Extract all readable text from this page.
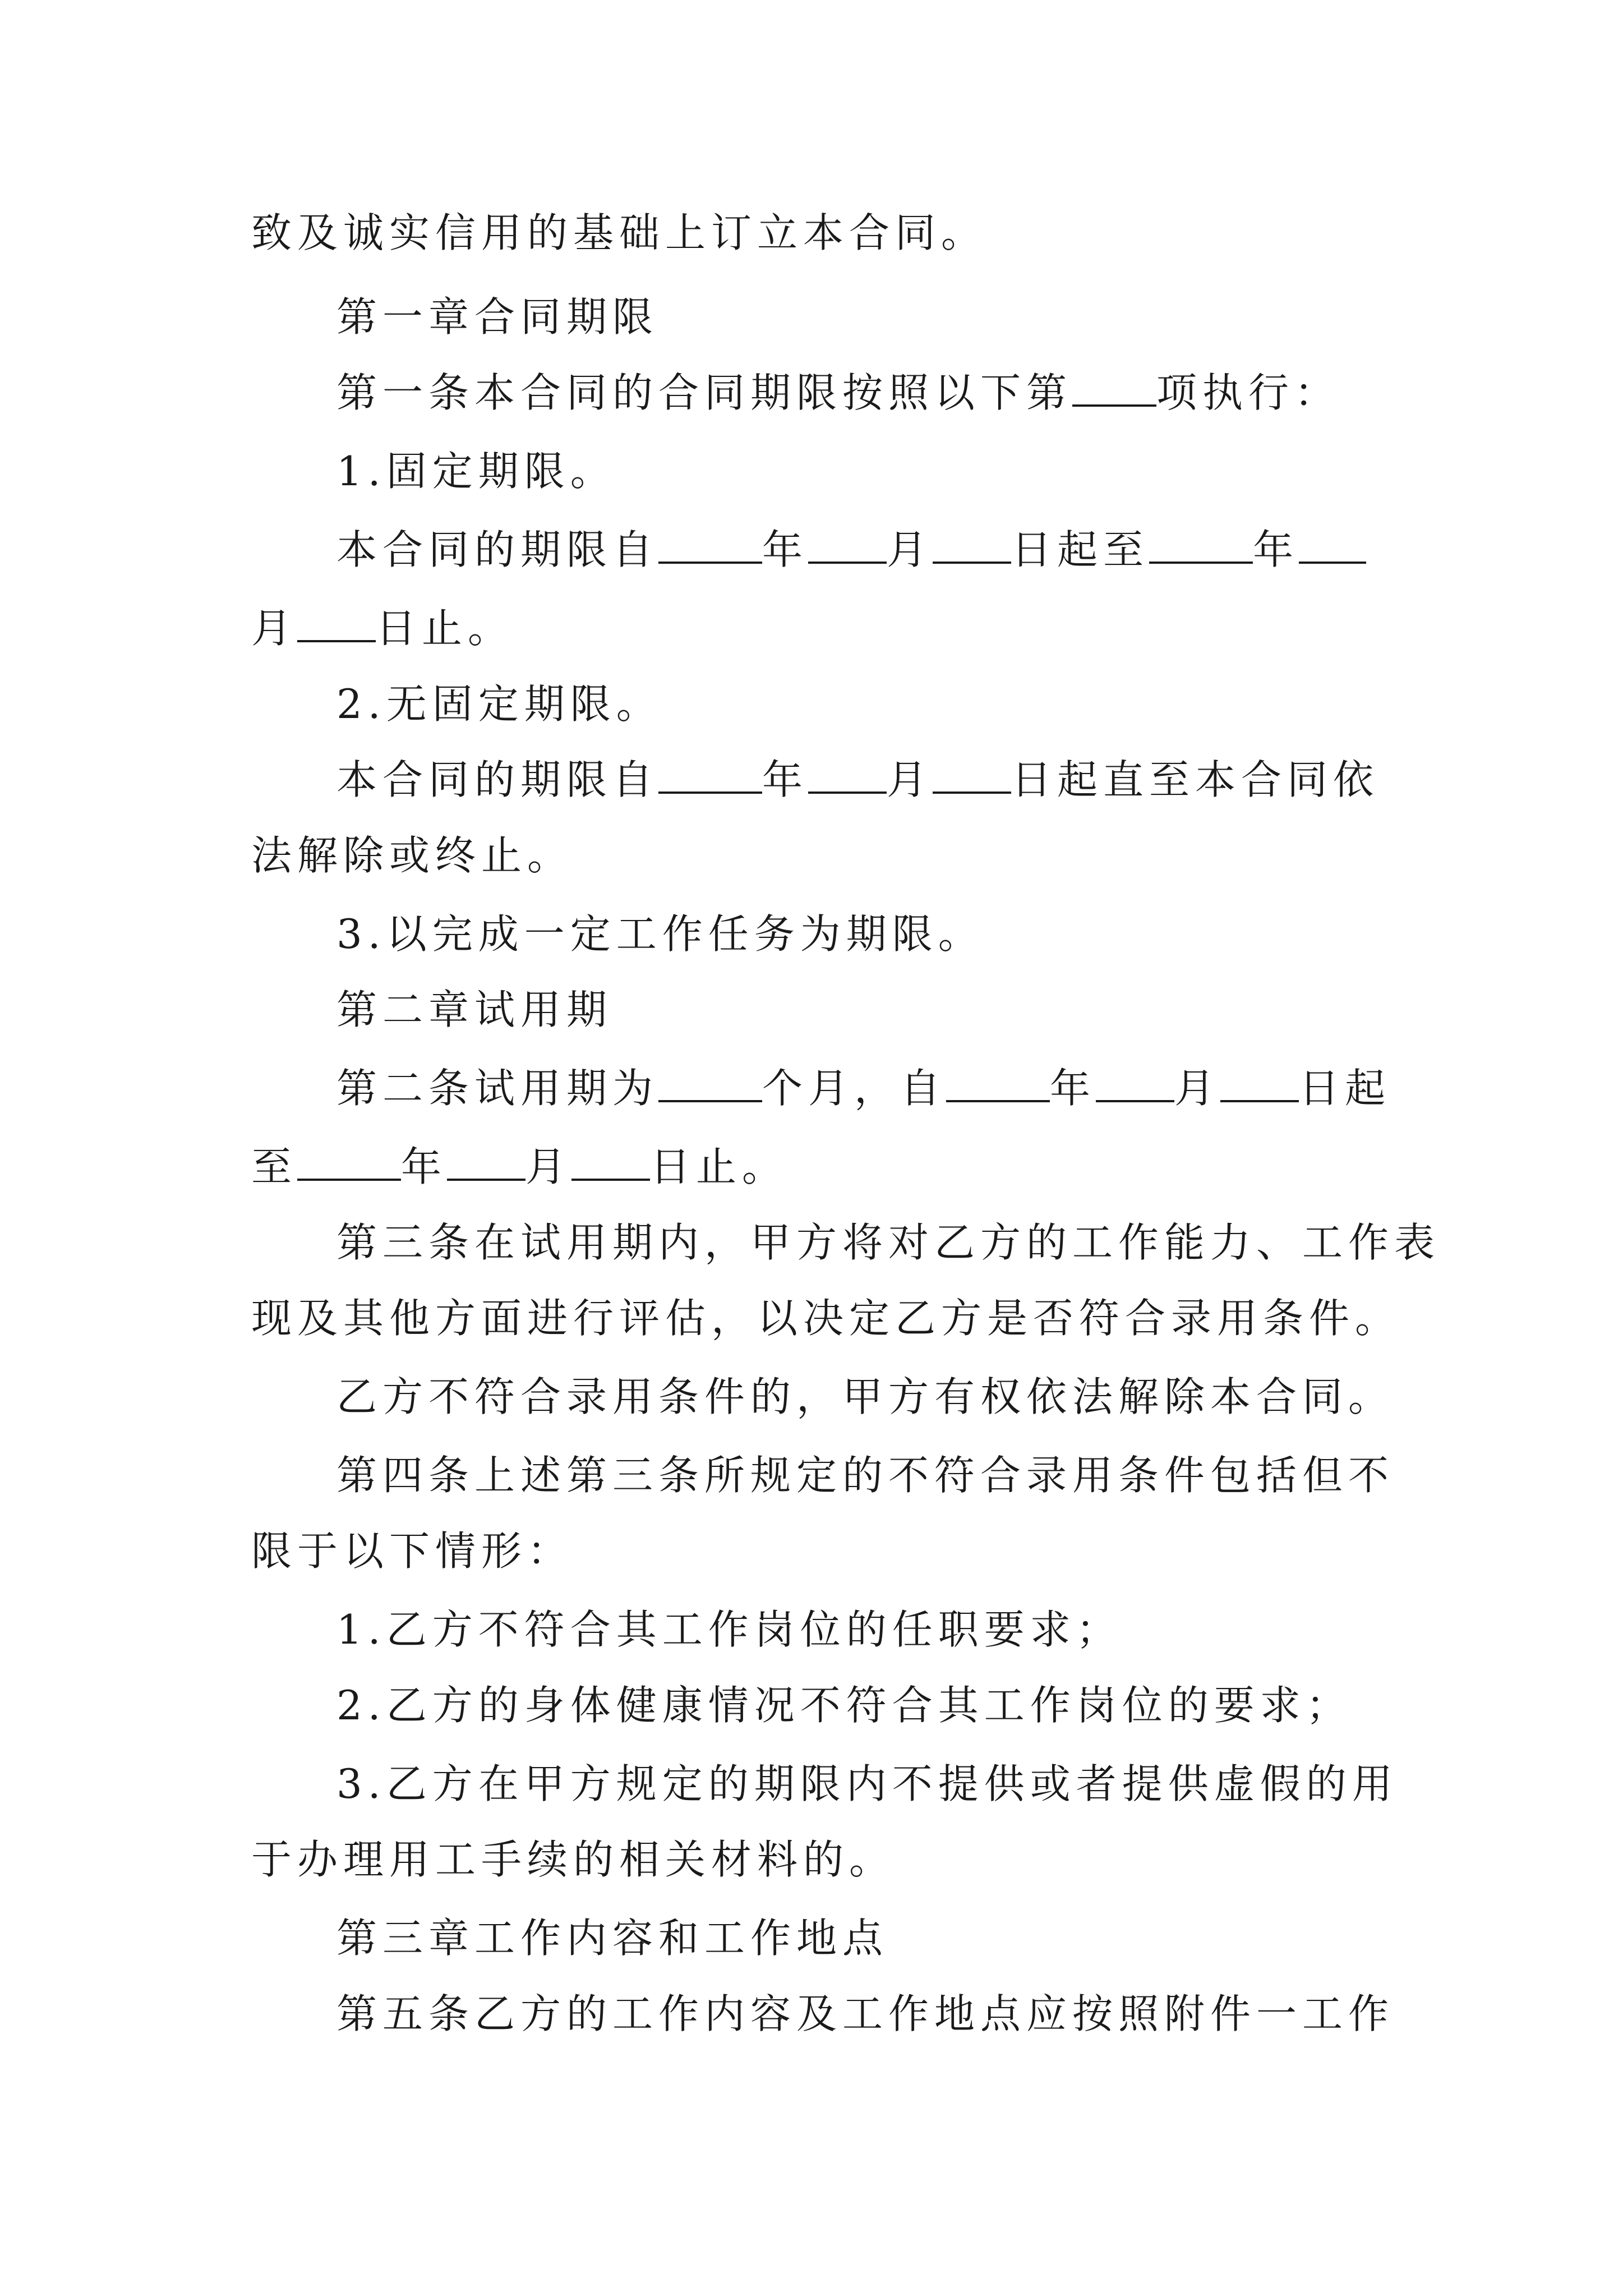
致及诚实信用的基础上订立本合同。
第一章合同期限
第一条本合同的合同期限按照以下第 项执行：
1.固定期限。
本合同的期限自	年 月 日起至	年
月 日止。
2.无固定期限。
本合同的期限自	年 月 日起直至本合同依
法解除或终止。
3.以完成一定工作任务为期限。
第二章试用期
第二条试用期为	个月，自	年 月 日起
至	年 月 日止。
第三条在试用期内，甲方将对乙方的工作能力、工作表
现及其他方面进行评估，以决定乙方是否符合录用条件。
乙方不符合录用条件的，甲方有权依法解除本合同。
第四条上述第三条所规定的不符合录用条件包括但不
限于以下情形：
1.乙方不符合其工作岗位的任职要求；
2.乙方的身体健康情况不符合其工作岗位的要求；
3.乙方在甲方规定的期限内不提供或者提供虚假的用
于办理用工手续的相关材料的。
第三章工作内容和工作地点
第五条乙方的工作内容及工作地点应按照附件一工作
